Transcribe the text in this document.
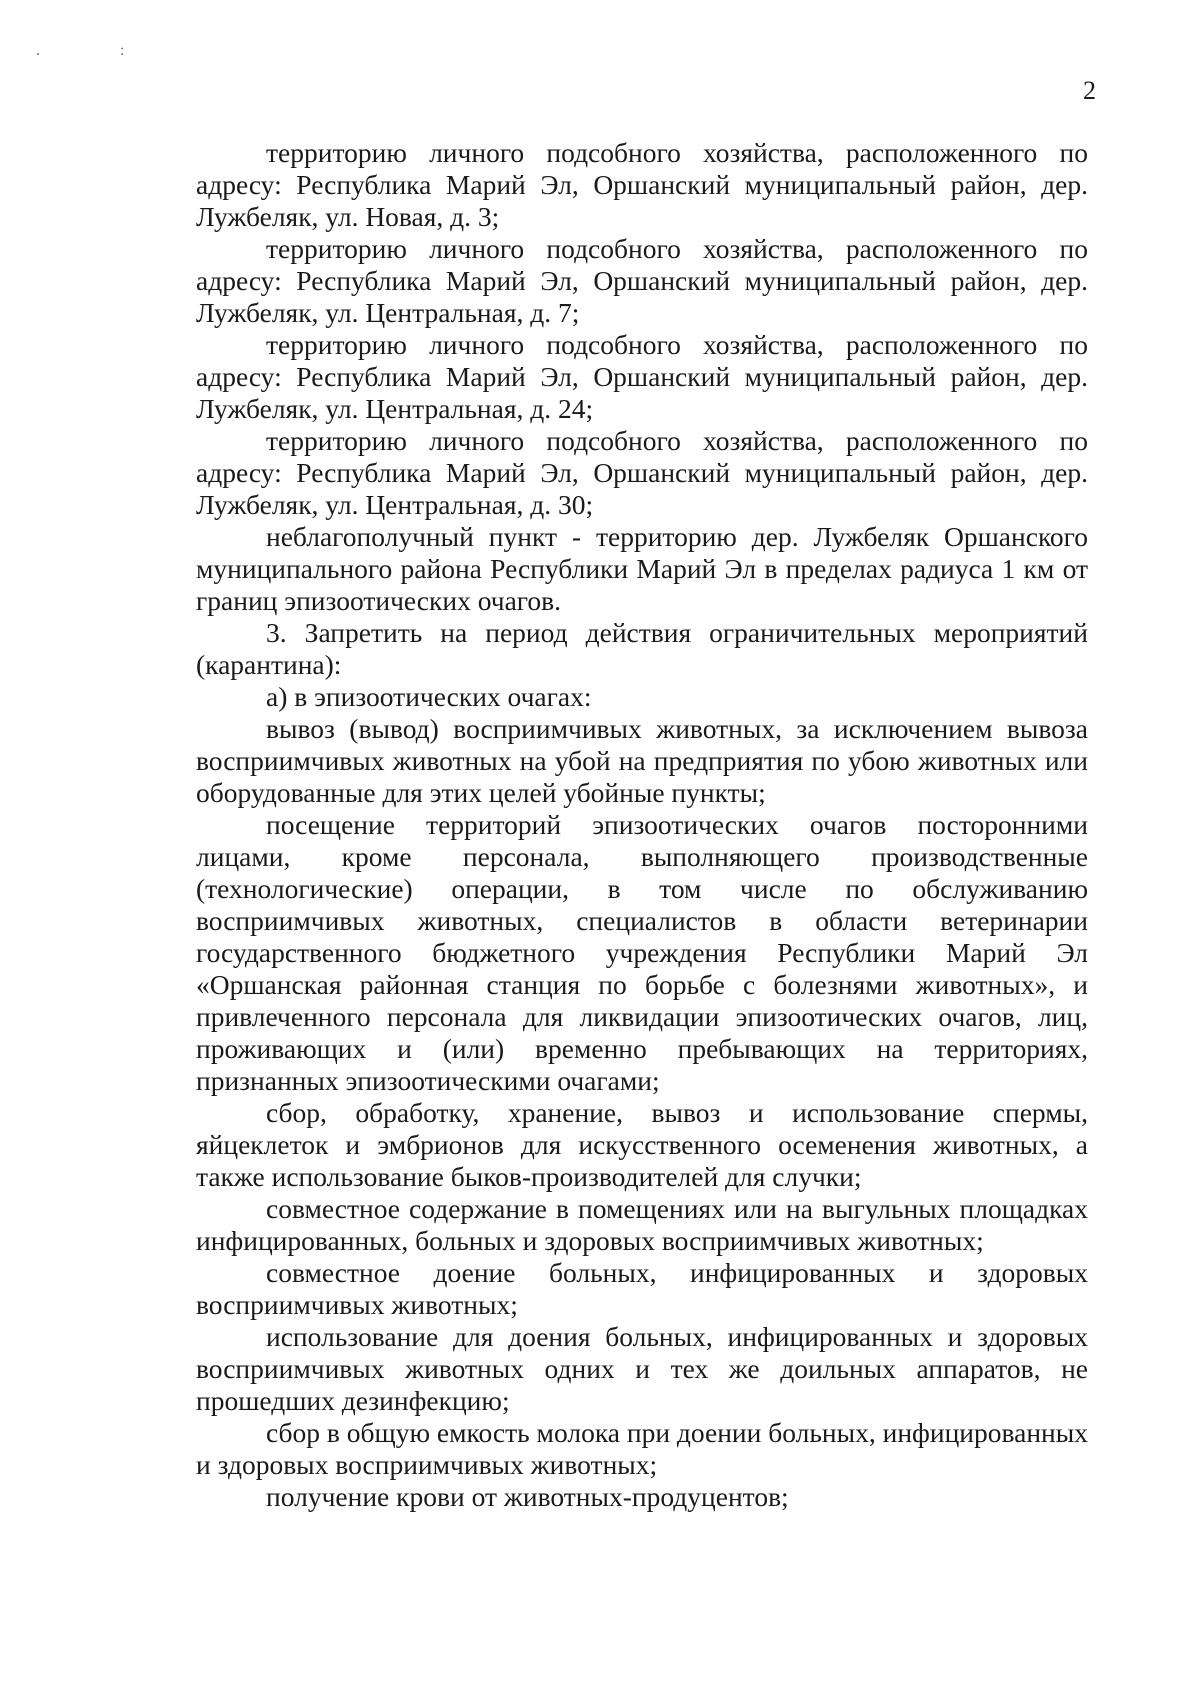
. :
2

территорию личного подсобного хозяйства, расположенного по адресу: Республика Марий Эл, Оршанский муниципальный район, дер. Лужбеляк, ул. Новая, д. 3;

территорию личного подсобного хозяйства, расположенного по адресу: Республика Марий Эл, Оршанский муниципальный район, дер. Лужбеляк, ул. Центральная, д. 7;

территорию личного подсобного хозяйства, расположенного по адресу: Республика Марий Эл, Оршанский муниципальный район, дер. Лужбеляк, ул. Центральная, д. 24;

территорию личного подсобного хозяйства, расположенного по адресу: Республика Марий Эл, Оршанский муниципальный район, дер. Лужбеляк, ул. Центральная, д. 30;

неблагополучный пункт - территорию дер. Лужбеляк Оршанского муниципального района Республики Марий Эл в пределах радиуса 1 км от границ эпизоотических очагов.

3. Запретить на период действия ограничительных мероприятий (карантина):

а) в эпизоотических очагах:

вывоз (вывод) восприимчивых животных, за исключением вывоза восприимчивых животных на убой на предприятия по убою животных или оборудованные для этих целей убойные пункты;

посещение территорий эпизоотических очагов посторонними лицами, кроме персонала, выполняющего производственные (технологические) операции, в том числе по обслуживанию восприимчивых животных, специалистов в области ветеринарии государственного бюджетного учреждения Республики Марий Эл «Оршанская районная станция по борьбе с болезнями животных», и привлеченного персонала для ликвидации эпизоотических очагов, лиц, проживающих и (или) временно пребывающих на территориях, признанных эпизоотическими очагами;

сбор, обработку, хранение, вывоз и использование спермы, яйцеклеток и эмбрионов для искусственного осеменения животных, а также использование быков-производителей для случки;

совместное содержание в помещениях или на выгульных площадках инфицированных, больных и здоровых восприимчивых животных;

совместное доение больных, инфицированных и здоровых восприимчивых животных;

использование для доения больных, инфицированных и здоровых восприимчивых животных одних и тех же доильных аппаратов, не прошедших дезинфекцию;

сбор в общую емкость молока при доении больных, инфицированных и здоровых восприимчивых животных;

получение крови от животных-продуцентов;
